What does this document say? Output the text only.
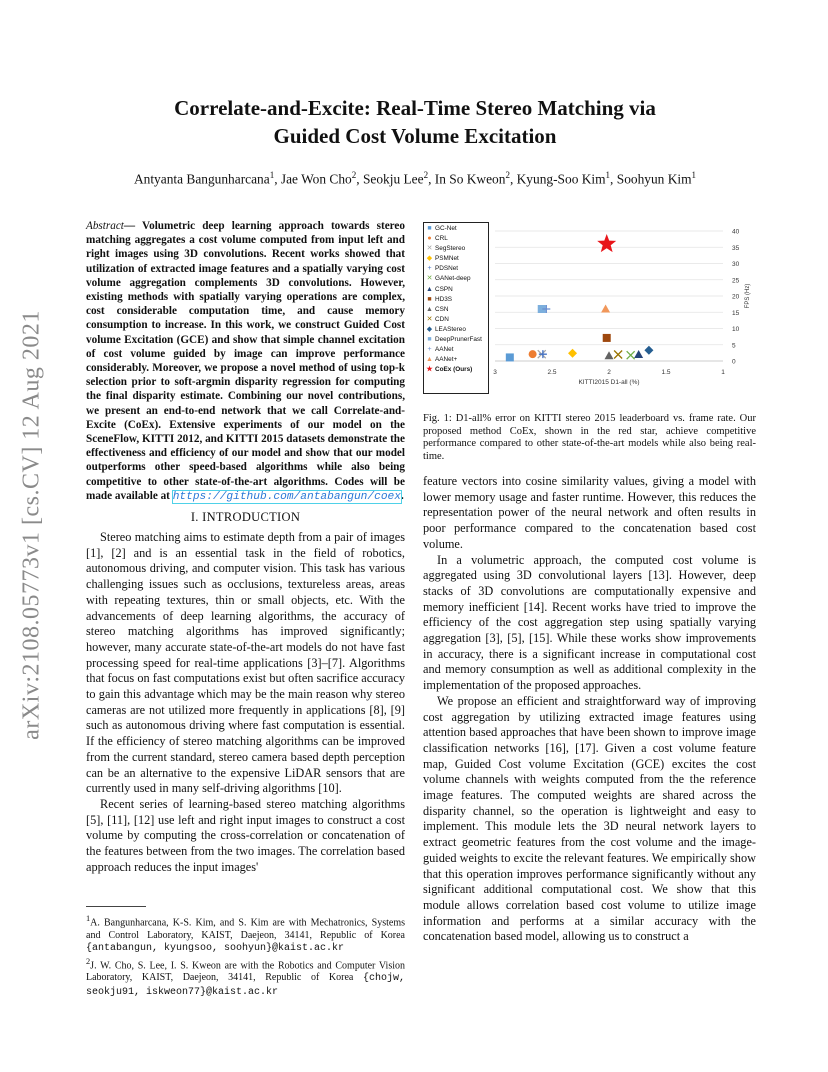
arXiv:2108.05773v1 [cs.CV] 12 Aug 2021
Correlate-and-Excite: Real-Time Stereo Matching via
Guided Cost Volume Excitation
Antyanta Bangunharcana$^1$, Jae Won Cho$^2$, Seokju Lee$^2$, In So Kweon$^2$, Kyung-Soo Kim$^1$, Soohyun Kim$^1$
Abstract— Volumetric deep learning approach towards stereo matching aggregates a cost volume computed from input left and right images using 3D convolutions. Recent works showed that utilization of extracted image features and a spatially varying cost volume aggregation complements 3D convolutions. However, existing methods with spatially varying operations are complex, cost considerable computation time, and cause memory consumption to increase. In this work, we construct Guided Cost volume Excitation (GCE) and show that simple channel excitation of cost volume guided by image can improve performance considerably. Moreover, we propose a novel method of using top-k selection prior to soft-argmin disparity regression for computing the final disparity estimate. Combining our novel contributions, we present an end-to-end network that we call Correlate-and-Excite (CoEx). Extensive experiments of our model on the SceneFlow, KITTI 2012, and KITTI 2015 datasets demonstrate the effectiveness and efficiency of our model and show that our model outperforms other speed-based algorithms while also being competitive to other state-of-the-art algorithms. Codes will be made available at https://github.com/antabangun/coex.
I. INTRODUCTION

Stereo matching aims to estimate depth from a pair of images [1], [2] and is an essential task in the field of robotics, autonomous driving, and computer vision. This task has various challenging issues such as occlusions, textureless areas, areas with repeating textures, thin or small objects, etc. With the advancements of deep learning algorithms, the accuracy of stereo matching algorithms has improved significantly; however, many accurate state-of-the-art models do not have fast processing speed for real-time applications [3]–[7]. Algorithms that focus on fast computations exist but often sacrifice accuracy to gain this advantage which may be the main reason why stereo cameras are not utilized more frequently in applications [8], [9] such as autonomous driving where fast computation is essential. If the efficiency of stereo matching algorithms can be improved from the current standard, stereo camera based depth perception can be an alternative to the expensive LiDAR sensors that are currently used in many self-driving algorithms [10].

Recent series of learning-based stereo matching algorithms [5], [11], [12] use left and right input images to construct a cost volume by computing the cross-correlation or concatenation of the features between from the two images. The correlation based approach reduces the input images'

$^1$A. Bangunharcana, K-S. Kim, and S. Kim are with Mechatronics, Systems and Control Laboratory, KAIST, Daejeon, 34141, Republic of Korea {antabangun, kyungsoo, soohyun}@kaist.ac.kr

$^2$J. W. Cho, S. Lee, I. S. Kweon are with the Robotics and Computer Vision Laboratory, KAIST, Daejeon, 34141, Republic of Korea {chojw, seokju91, iskweon77}@kaist.ac.kr

■ GC-Net
● CRL
✕ SegStereo
◆ PSMNet
+ PDSNet
✕ GANet-deep
▲ CSPN
■ HD3S
▲ CSN
✕ CDN
◆ LEAStereo
■ DeepPrunerFast
+ AANet
▲ AANet+
★ CoEx (Ours)
0
5
10
15
20
25
30
35
40
3	2.5	2	1.5	1
KITTI2015 D1-all (%)
FPS (Hz)
Fig. 1: D1-all% error on KITTI stereo 2015 leaderboard vs. frame rate. Our proposed method CoEx, shown in the red star, achieve competitive performance compared to other state-of-the-art models while also being real-time.

feature vectors into cosine similarity values, giving a model with lower memory usage and faster runtime. However, this reduces the representation power of the neural network and often results in poor performance compared to the concatenation based cost volume.

In a volumetric approach, the computed cost volume is aggregated using 3D convolutional layers [13]. However, deep stacks of 3D convolutions are computationally expensive and memory inefficient [14]. Recent works have tried to improve the efficiency of the cost aggregation step using spatially varying aggregation [3], [5], [15]. While these works show improvements in accuracy, there is a significant increase in computational cost and memory consumption as well as additional complexity in the implementation of the proposed approaches.

We propose an efficient and straightforward way of improving cost aggregation by utilizing extracted image features using attention based approaches that have been shown to improve image classification networks [16], [17]. Given a cost volume feature map, Guided Cost volume Excitation (GCE) excites the cost volume channels with weights computed from the the reference image features. The computed weights are shared across the disparity channel, so the operation is lightweight and easy to implement. This module lets the 3D neural network layers to extract geometric features from the cost volume and the image-guided weights to excite the relevant features. We empirically show that this operation improves performance significantly without any significant additional computational cost. We show that this module allows correlation based cost volume to utilize image information and performs at a similar accuracy with the concatenation based model, allowing us to construct a
